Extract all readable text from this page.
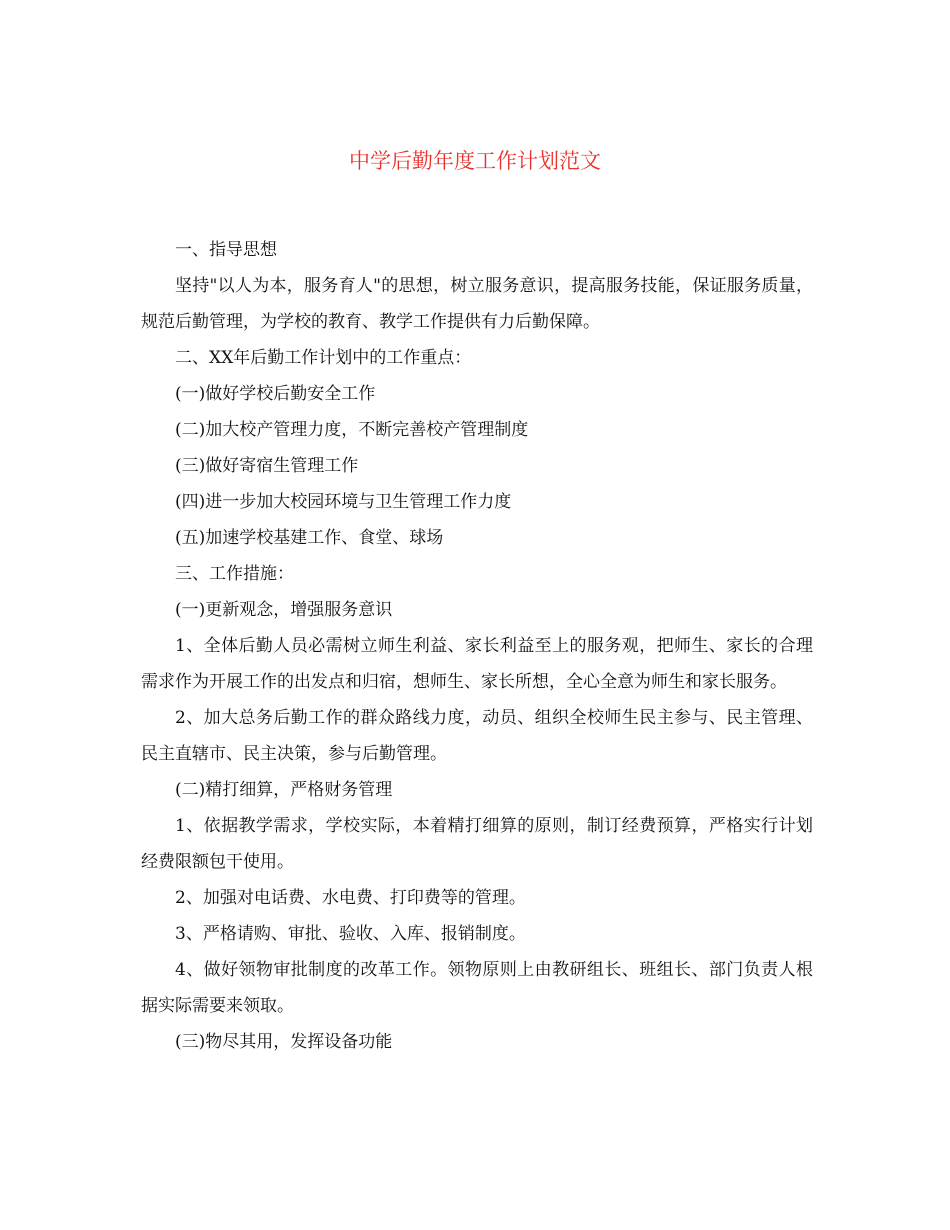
中学后勤年度工作计划范文

一、指导思想

坚持"以人为本，服务育人"的思想，树立服务意识，提高服务技能，保证服务质量，规范后勤管理，为学校的教育、教学工作提供有力后勤保障。

二、XX年后勤工作计划中的工作重点：

(一)做好学校后勤安全工作

(二)加大校产管理力度，不断完善校产管理制度

(三)做好寄宿生管理工作

(四)进一步加大校园环境与卫生管理工作力度

(五)加速学校基建工作、食堂、球场

三、工作措施：

(一)更新观念，增强服务意识

1、全体后勤人员必需树立师生利益、家长利益至上的服务观，把师生、家长的合理需求作为开展工作的出发点和归宿，想师生、家长所想，全心全意为师生和家长服务。

2、加大总务后勤工作的群众路线力度，动员、组织全校师生民主参与、民主管理、民主直辖市、民主决策，参与后勤管理。

(二)精打细算，严格财务管理

1、依据教学需求，学校实际，本着精打细算的原则，制订经费预算，严格实行计划经费限额包干使用。

2、加强对电话费、水电费、打印费等的管理。

3、严格请购、审批、验收、入库、报销制度。

4、做好领物审批制度的改革工作。领物原则上由教研组长、班组长、部门负责人根据实际需要来领取。

(三)物尽其用，发挥设备功能
